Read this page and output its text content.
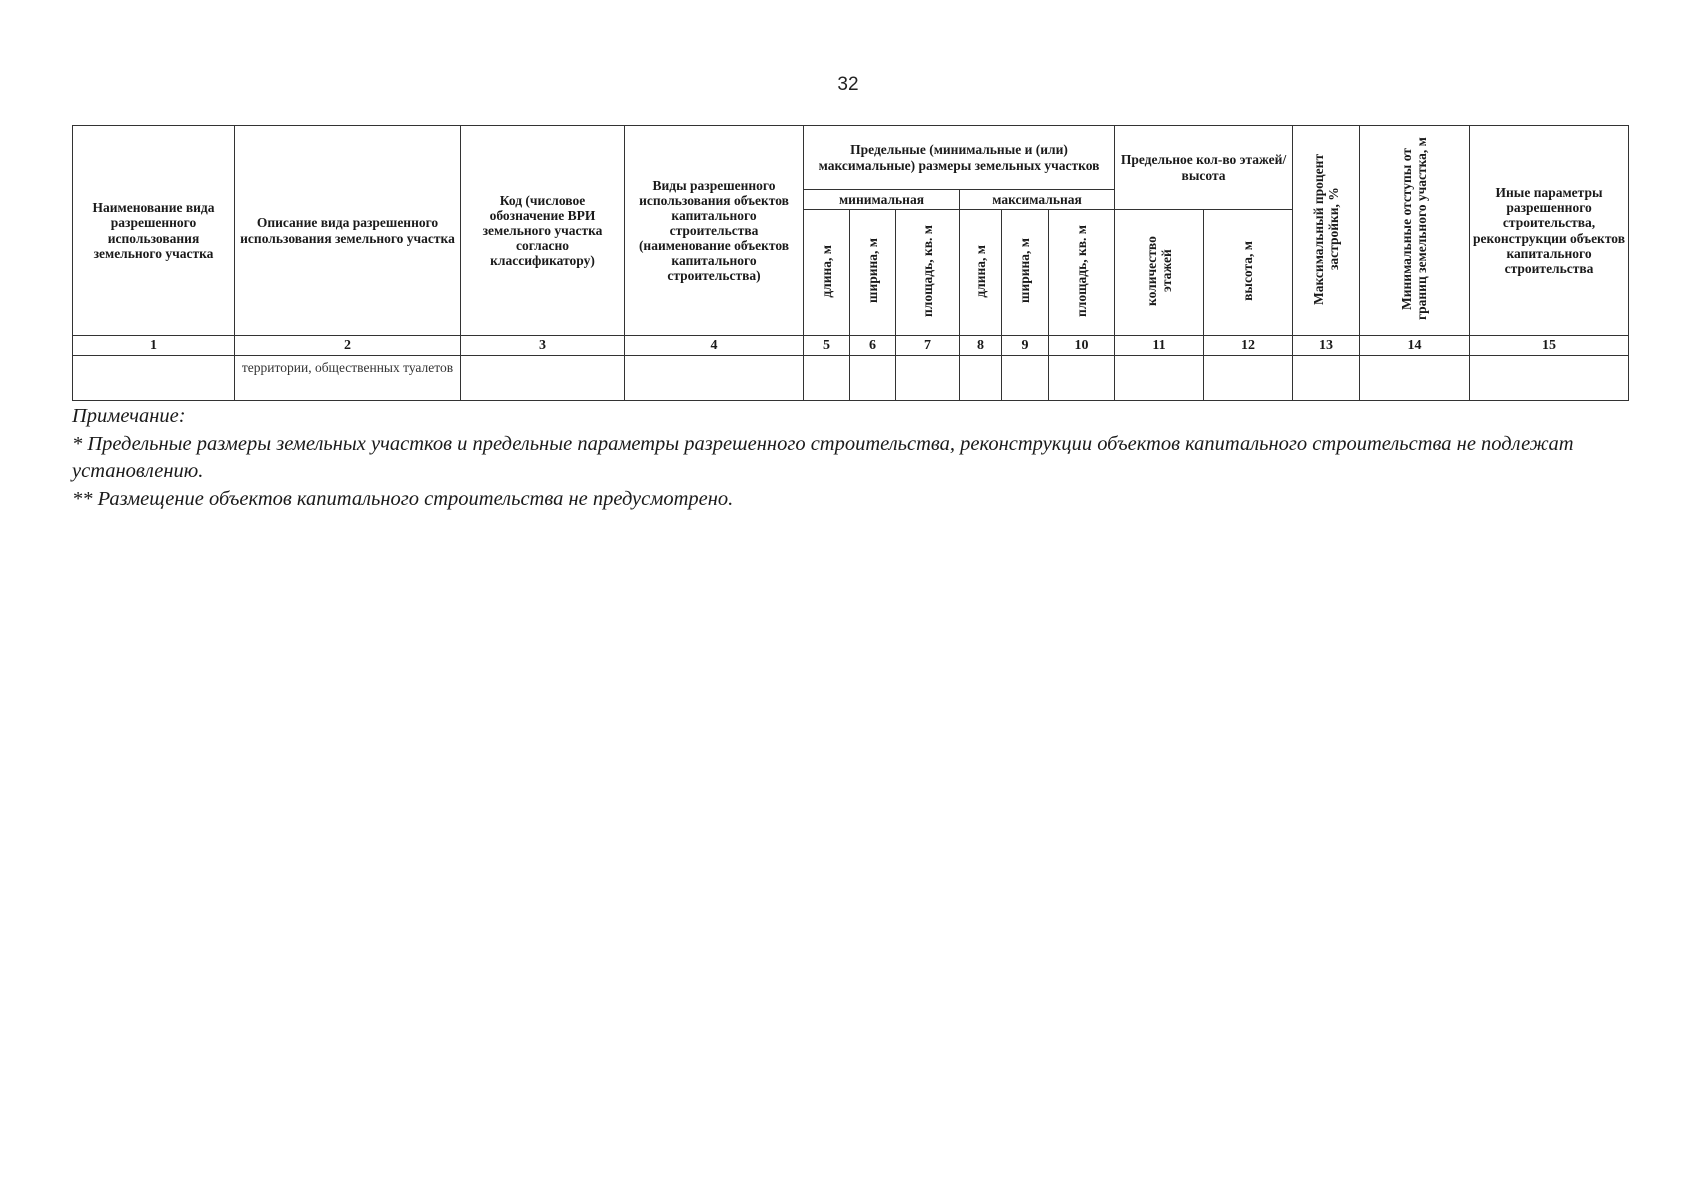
32
Наименование вида разрешенного использования земельного участка	Описание вида разрешенного использования земельного участка	Код (числовое обозначение ВРИ земельного участка согласно классификатору)	Виды разрешенного использования объектов капитального строительства (наименование объектов капитального строительства)	Предельные (минимальные и (или) максимальные) размеры земельных участков						Предельное кол-во этажей/высота		Максимальный процент застройки, %	Минимальные отступы от границ земельного участка, м	Иные параметры разрешенного строительства, реконструкции объектов капитального строительства
				минимальная			максимальная							
				длина, м	ширина, м	площадь, кв. м	длина, м	ширина, м	площадь, кв. м	количество этажей	высота, м			
1	2	3	4	5	6	7	8	9	10	11	12	13	14	15
	территории, общественных туалетов													

Примечание:

* Предельные размеры земельных участков и предельные параметры разрешенного строительства, реконструкции объектов капитального строительства не подлежат установлению.

** Размещение объектов капитального строительства не предусмотрено.
